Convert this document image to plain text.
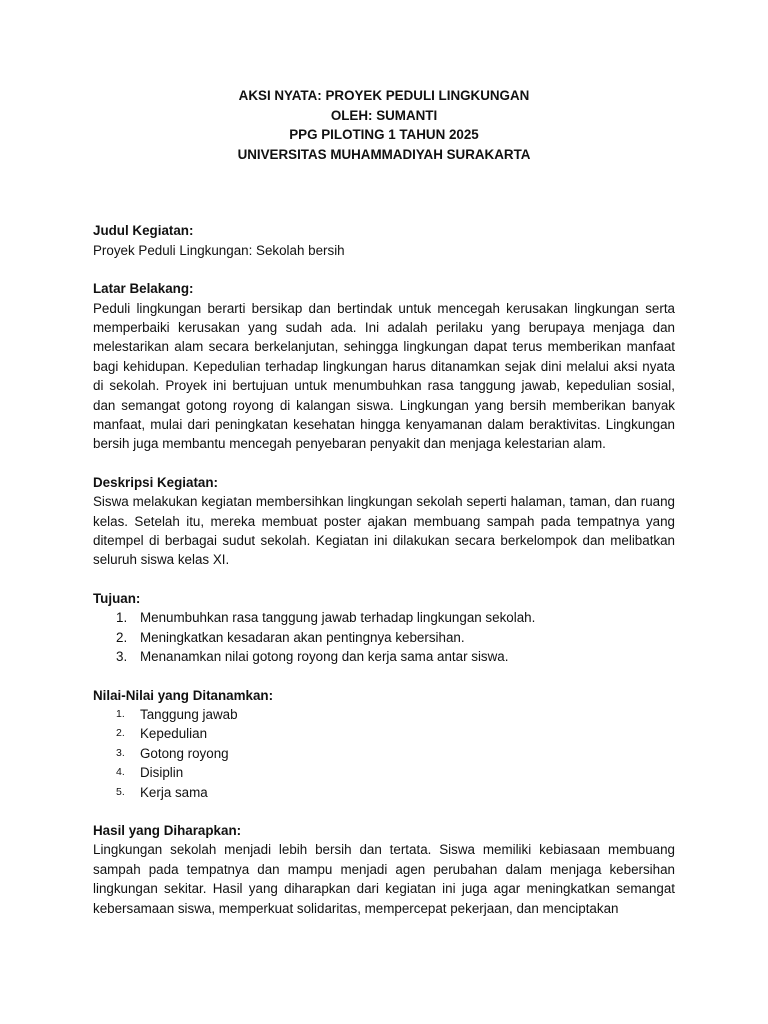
AKSI NYATA: PROYEK PEDULI LINGKUNGAN
OLEH: SUMANTI
PPG PILOTING 1 TAHUN 2025
UNIVERSITAS MUHAMMADIYAH SURAKARTA
Judul Kegiatan:
Proyek Peduli Lingkungan: Sekolah bersih
Latar Belakang:
Peduli lingkungan berarti bersikap dan bertindak untuk mencegah kerusakan lingkungan serta memperbaiki kerusakan yang sudah ada. Ini adalah perilaku yang berupaya menjaga dan melestarikan alam secara berkelanjutan, sehingga lingkungan dapat terus memberikan manfaat bagi kehidupan. Kepedulian terhadap lingkungan harus ditanamkan sejak dini melalui aksi nyata di sekolah. Proyek ini bertujuan untuk menumbuhkan rasa tanggung jawab, kepedulian sosial, dan semangat gotong royong di kalangan siswa. Lingkungan yang bersih memberikan banyak manfaat, mulai dari peningkatan kesehatan hingga kenyamanan dalam beraktivitas. Lingkungan bersih juga membantu mencegah penyebaran penyakit dan menjaga kelestarian alam.
Deskripsi Kegiatan:
Siswa melakukan kegiatan membersihkan lingkungan sekolah seperti halaman, taman, dan ruang kelas. Setelah itu, mereka membuat poster ajakan membuang sampah pada tempatnya yang ditempel di berbagai sudut sekolah. Kegiatan ini dilakukan secara berkelompok dan melibatkan seluruh siswa kelas XI.
Tujuan:
1. Menumbuhkan rasa tanggung jawab terhadap lingkungan sekolah.
2. Meningkatkan kesadaran akan pentingnya kebersihan.
3. Menanamkan nilai gotong royong dan kerja sama antar siswa.
Nilai-Nilai yang Ditanamkan:
1. Tanggung jawab
2. Kepedulian
3. Gotong royong
4. Disiplin
5. Kerja sama
Hasil yang Diharapkan:
Lingkungan sekolah menjadi lebih bersih dan tertata. Siswa memiliki kebiasaan membuang sampah pada tempatnya dan mampu menjadi agen perubahan dalam menjaga kebersihan lingkungan sekitar. Hasil yang diharapkan dari kegiatan ini juga agar meningkatkan semangat kebersamaan siswa, memperkuat solidaritas, mempercepat pekerjaan, dan menciptakan
